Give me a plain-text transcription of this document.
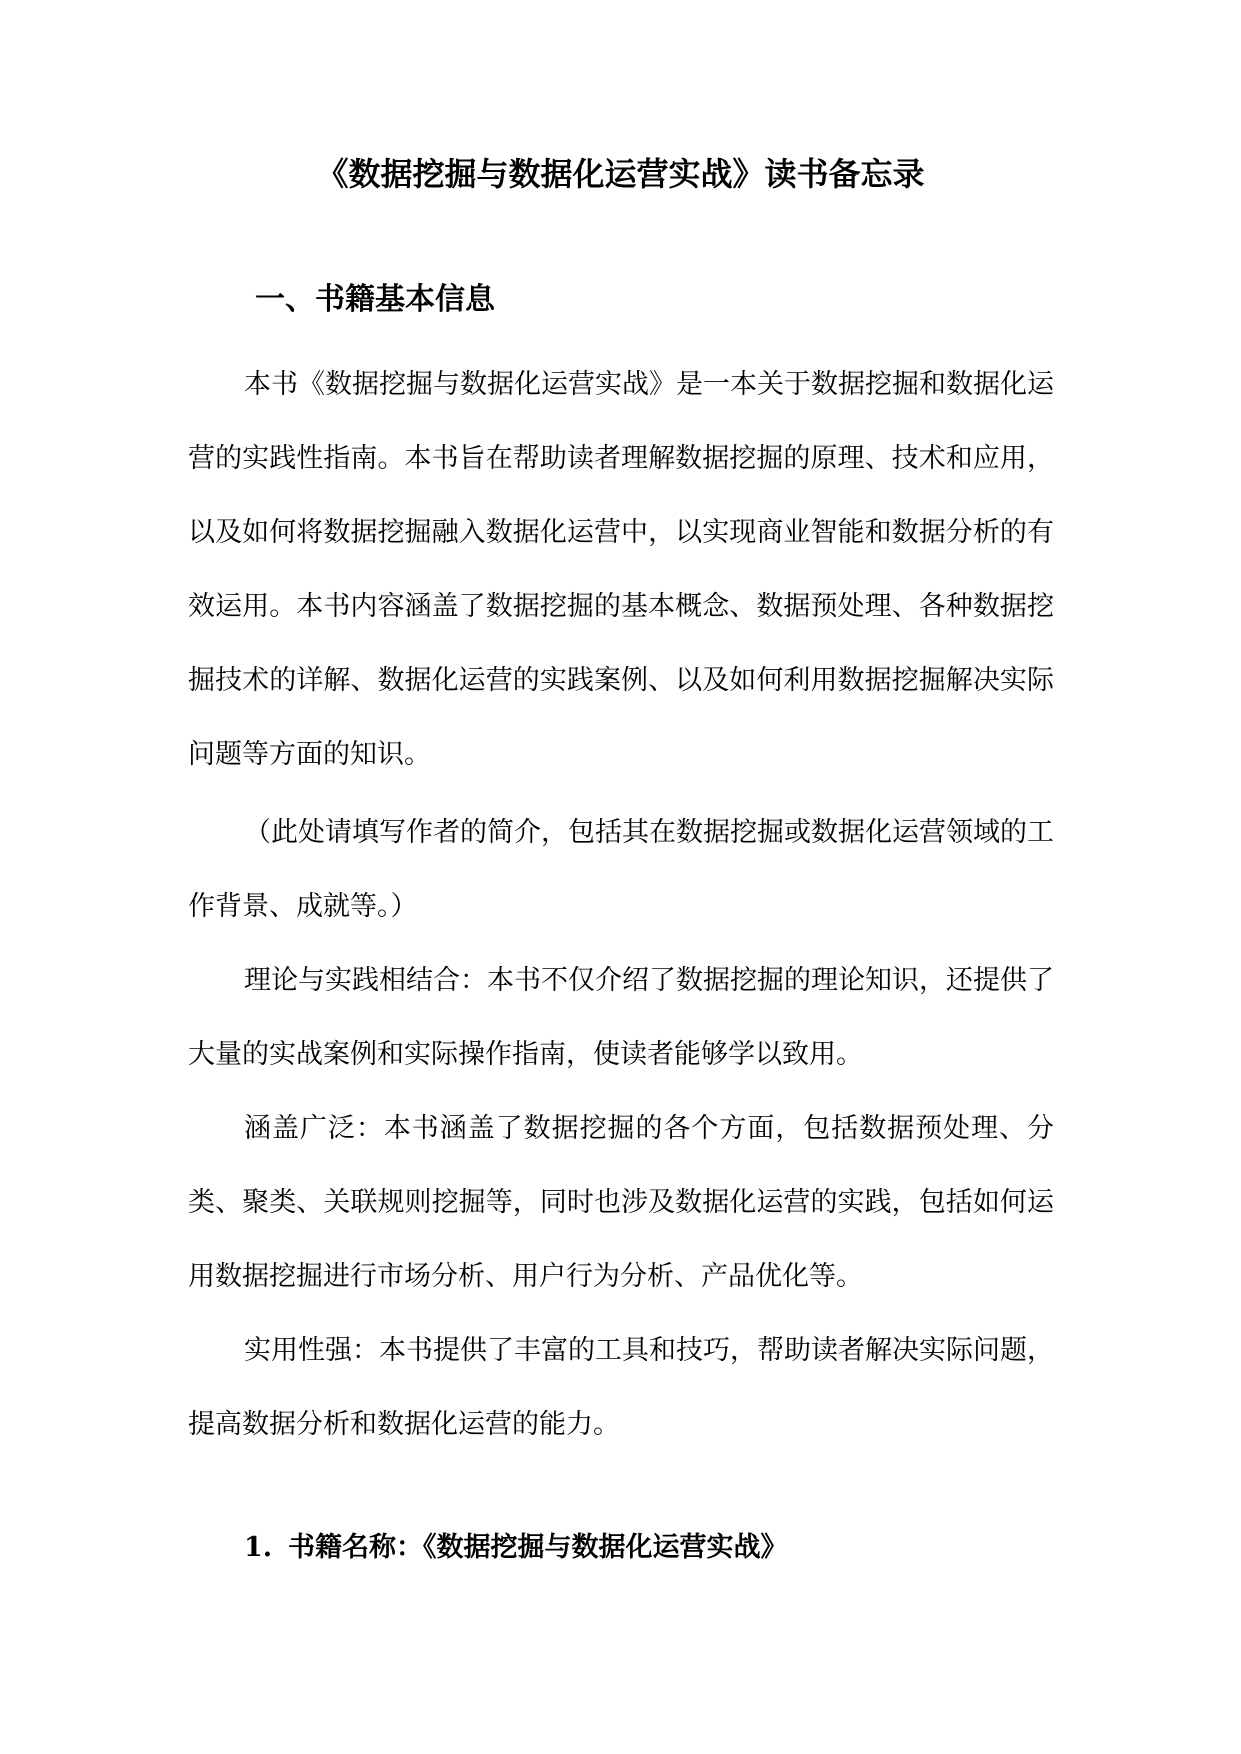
《数据挖掘与数据化运营实战》读书备忘录
一、书籍基本信息

本书《数据挖掘与数据化运营实战》是一本关于数据挖掘和数据化运营的实践性指南。本书旨在帮助读者理解数据挖掘的原理、技术和应用，以及如何将数据挖掘融入数据化运营中，以实现商业智能和数据分析的有效运用。本书内容涵盖了数据挖掘的基本概念、数据预处理、各种数据挖掘技术的详解、数据化运营的实践案例、以及如何利用数据挖掘解决实际问题等方面的知识。

（此处请填写作者的简介，包括其在数据挖掘或数据化运营领域的工作背景、成就等。）

理论与实践相结合：本书不仅介绍了数据挖掘的理论知识，还提供了大量的实战案例和实际操作指南，使读者能够学以致用。

涵盖广泛：本书涵盖了数据挖掘的各个方面，包括数据预处理、分类、聚类、关联规则挖掘等，同时也涉及数据化运营的实践，包括如何运用数据挖掘进行市场分析、用户行为分析、产品优化等。

实用性强：本书提供了丰富的工具和技巧，帮助读者解决实际问题，提高数据分析和数据化运营的能力。

1. 书籍名称：《数据挖掘与数据化运营实战》
